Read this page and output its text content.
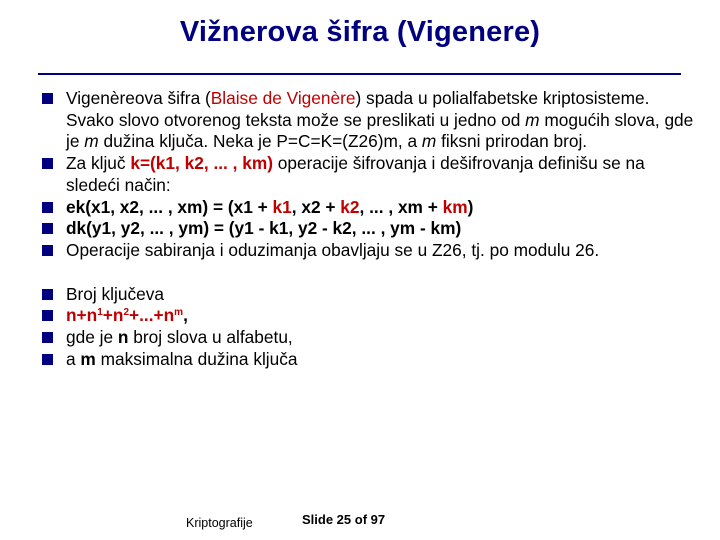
Vižnerova šifra (Vigenere)
Vigenèreova šifra (Blaise de Vigenère) spada u polialfabetske kriptosisteme. Svako slovo otvorenog teksta može se preslikati u jedno od m mogućih slova, gde je m dužina ključa. Neka je P=C=K=(Z26)m, a m fiksni prirodan broj.
Za ključ k=(k1, k2, ... , km) operacije šifrovanja i dešifrovanja definišu se na sledeći način:
ek(x1, x2, ... , xm) = (x1 + k1, x2 + k2, ... , xm + km)
dk(y1, y2, ... , ym) = (y1 - k1, y2 - k2, ... , ym - km)
Operacije sabiranja i oduzimanja obavljaju se u Z26, tj. po modulu 26.
Broj ključeva
$n+n^1+n^2+...+n^m$,
gde je n broj slova u alfabetu,
a m maksimalna dužina ključa
Kriptografije	Slide 25 of 97
